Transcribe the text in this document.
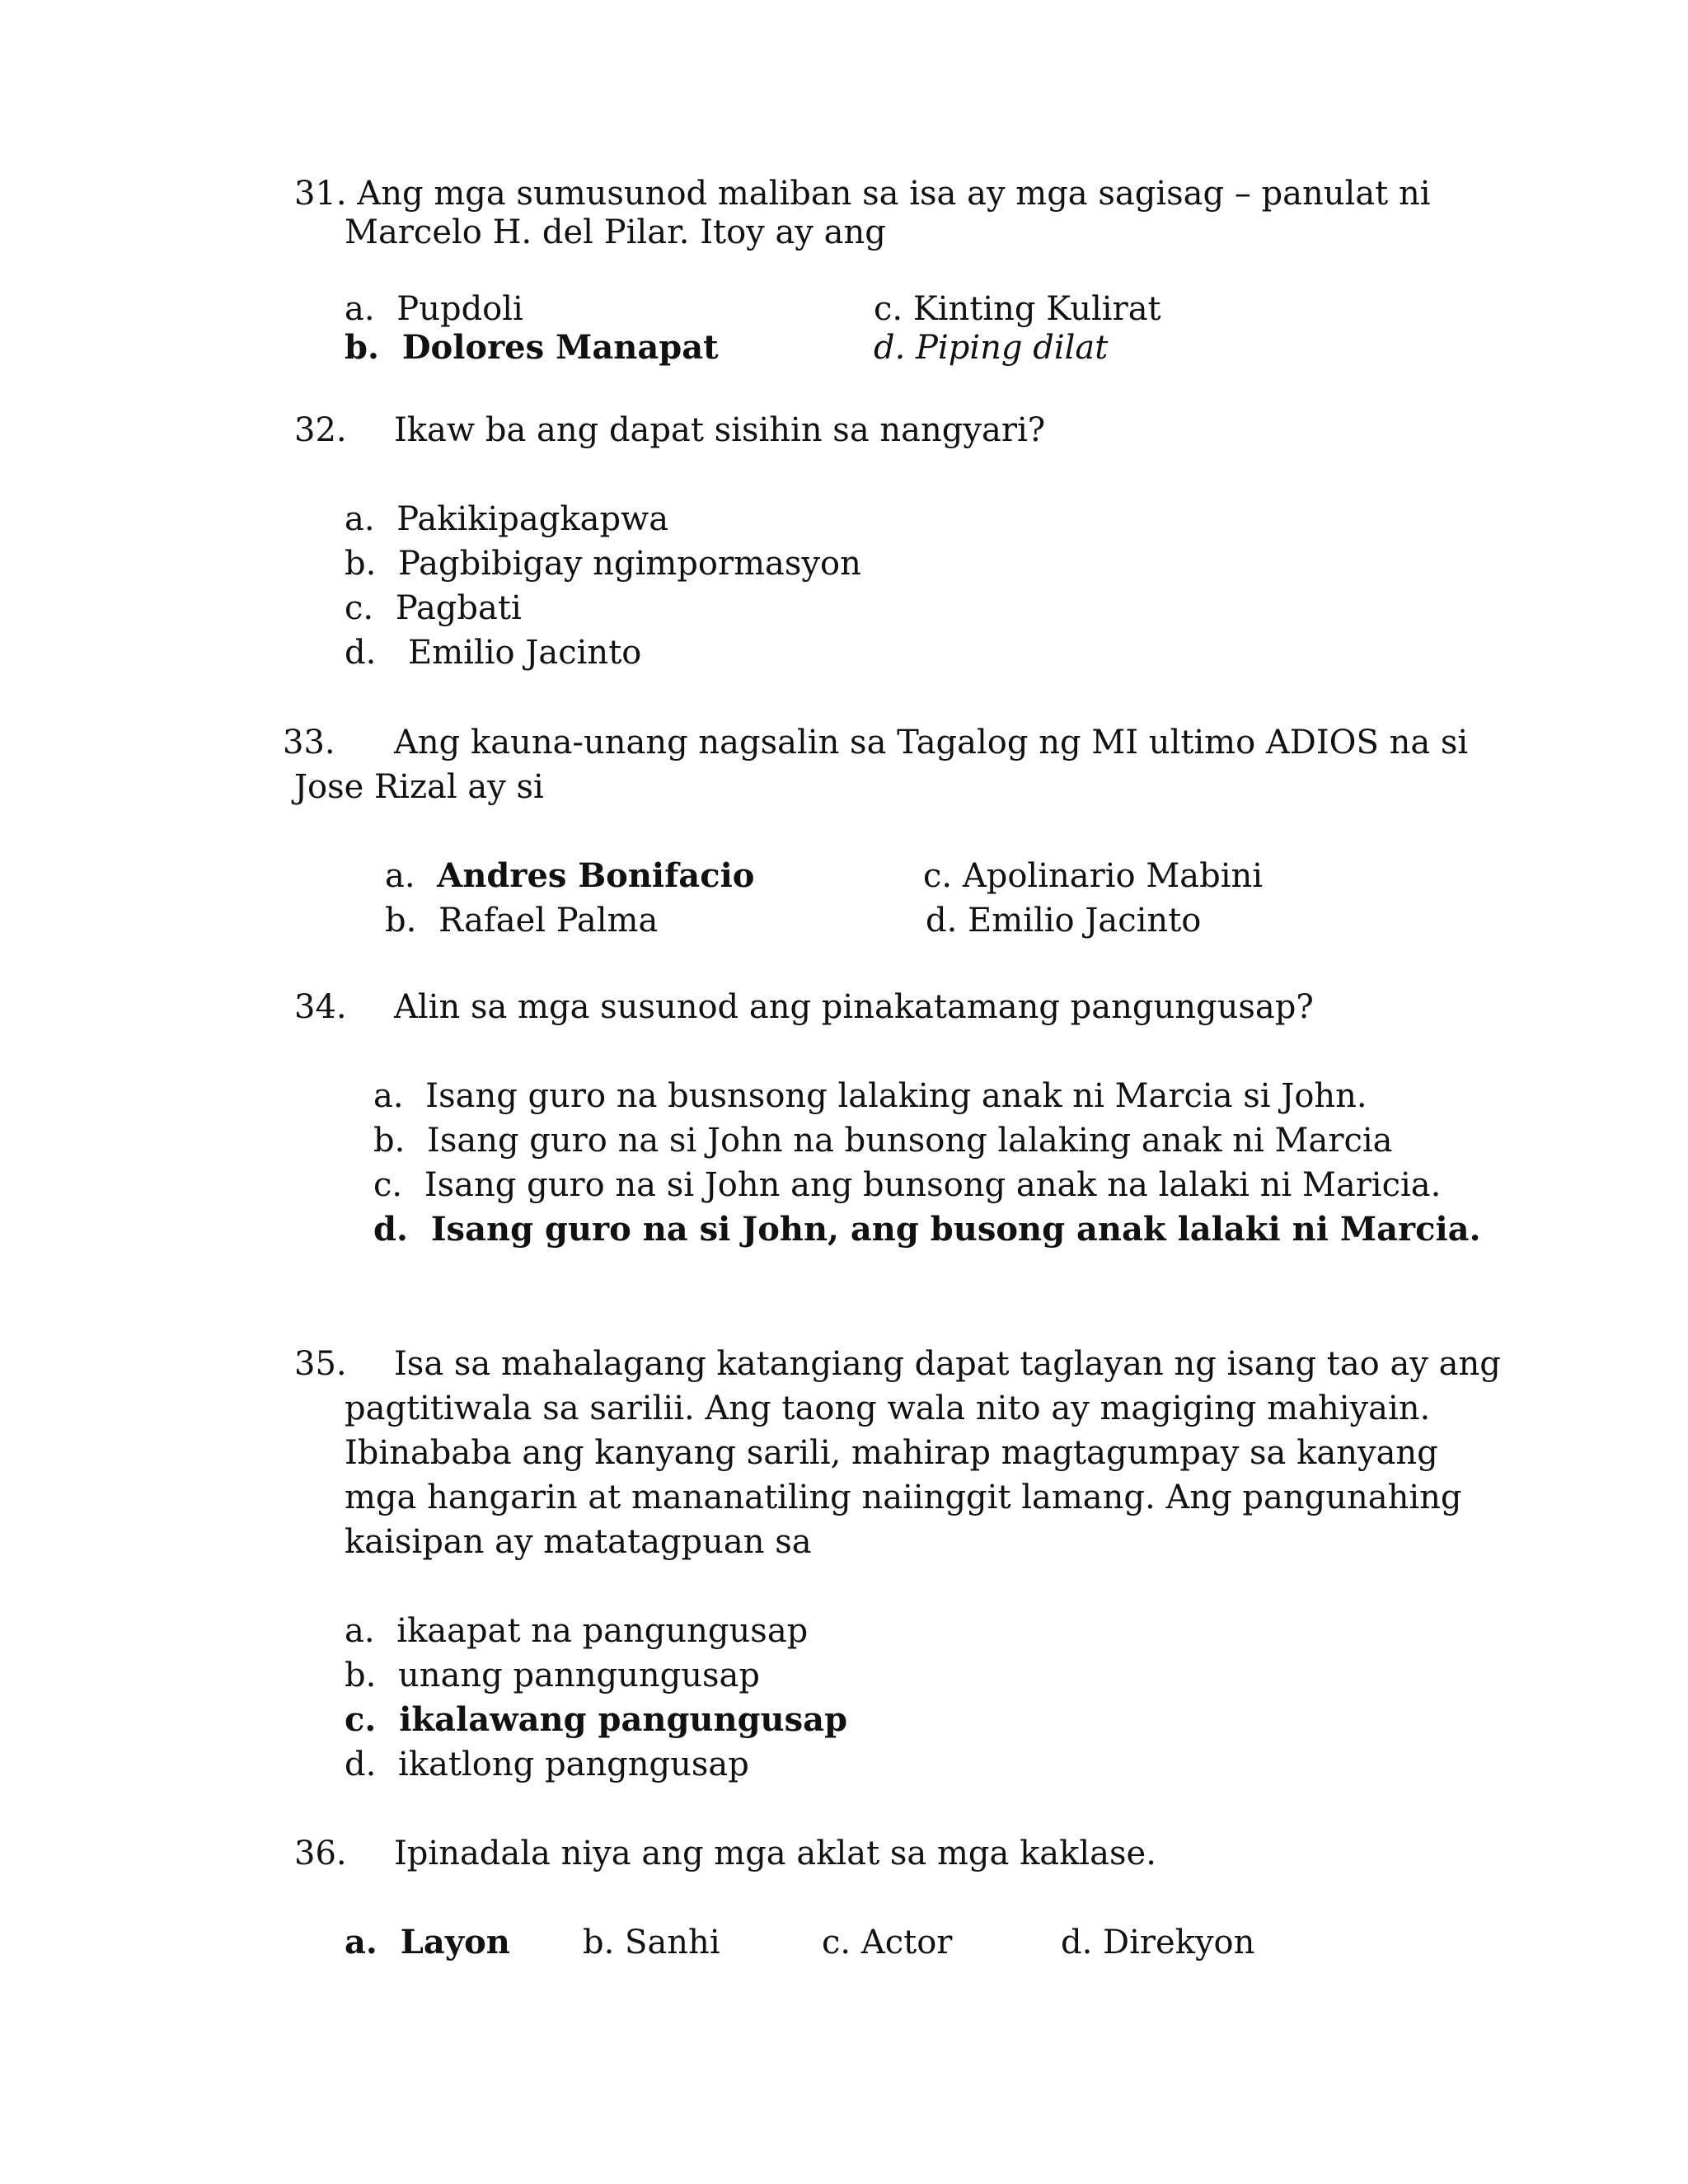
31. Ang mga sumusunod maliban sa isa ay mga sagisag – panulat ni
Marcelo H. del Pilar. Itoy ay ang
a. Pupdoli
b. Dolores Manapat
c. Kinting Kulirat
d. Piping dilat
32. Ikaw ba ang dapat sisihin sa nangyari?
a. Pakikipagkapwa
b. Pagbibigay ngimpormasyon
c. Pagbati
d. Emilio Jacinto
33. Ang kauna-unang nagsalin sa Tagalog ng MI ultimo ADIOS na si
Jose Rizal ay si
a. Andres Bonifacio
b. Rafael Palma
c. Apolinario Mabini
d. Emilio Jacinto
34. Alin sa mga susunod ang pinakatamang pangungusap?
a. Isang guro na busnsong lalaking anak ni Marcia si John.
b. Isang guro na si John na bunsong lalaking anak ni Marcia
c. Isang guro na si John ang bunsong anak na lalaki ni Maricia.
d. Isang guro na si John, ang busong anak lalaki ni Marcia.
35. Isa sa mahalagang katangiang dapat taglayan ng isang tao ay ang
pagtitiwala sa sarilii. Ang taong wala nito ay magiging mahiyain.
Ibinababa ang kanyang sarili, mahirap magtagumpay sa kanyang
mga hangarin at mananatiling naiinggit lamang. Ang pangunahing
kaisipan ay matatagpuan sa
a. ikaapat na pangungusap
b. unang panngungusap
c. ikalawang pangungusap
d. ikatlong pangngusap
36. Ipinadala niya ang mga aklat sa mga kaklase.
a. Layon b. Sanhi	c. Actor	d. Direkyon
